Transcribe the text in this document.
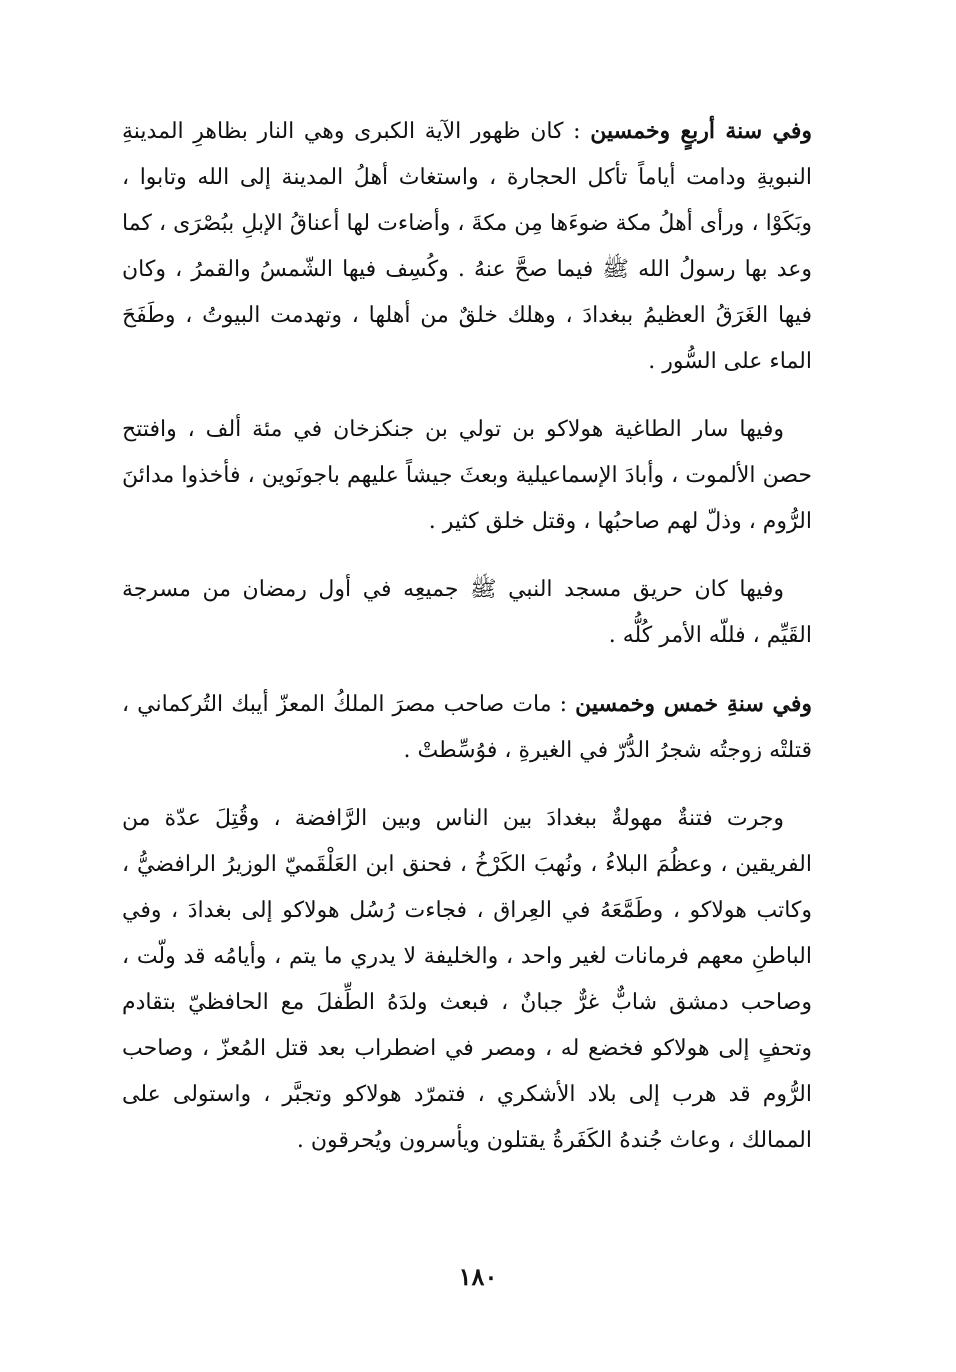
وفي سنة أربعٍ وخمسين : كان ظهور الآية الكبرى وهي النار بظاهرِ المدينةِ النبويةِ ودامت أياماً تأكل الحجارة ، واستغاث أهلُ المدينة إلى الله وتابوا ، وبَكَوْا ، ورأى أهلُ مكة ضوءَها مِن مكةَ ، وأضاءت لها أعناقُ الإبلِ ببُصْرَى ، كما وعد بها رسولُ الله ﷺ فيما صحَّ عنهُ . وكُسِف فيها الشّمسُ والقمرُ ، وكان فيها الغَرَقُ العظيمُ ببغدادَ ، وهلك خلقٌ من أهلها ، وتهدمت البيوتُ ، وطَفَحَ الماء على السُّور .

وفيها سار الطاغية هولاكو بن تولي بن جنكزخان في مئة ألف ، وافتتح حصن الألموت ، وأبادَ الإسماعيلية وبعثَ جيشاً عليهم باجونَوين ، فأخذوا مدائنَ الرُّوم ، وذلّ لهم صاحبُها ، وقتل خلق كثير .

وفيها كان حريق مسجد النبي ﷺ جميعِه في أول رمضان من مسرجة القَيِّم ، فللّه الأمر كُلُّه .

وفي سنةِ خمس وخمسين : مات صاحب مصرَ الملكُ المعزّ أيبك التُركماني ، قتلتْه زوجتُه شجرُ الدُّرّ في الغيرةِ ، فوُسِّطتْ .

وجرت فتنةٌ مهولةٌ ببغدادَ بين الناس وبين الرَّافضة ، وقُتِلَ عدّة من الفريقين ، وعظُمَ البلاءُ ، ونُهبَ الكَرْخُ ، فحنق ابن العَلْقَميّ الوزيرُ الرافضيُّ ، وكاتب هولاكو ، وطَمَّعَهُ في العِراق ، فجاءت رُسُل هولاكو إلى بغدادَ ، وفي الباطنِ معهم فرمانات لغير واحد ، والخليفة لا يدري ما يتم ، وأيامُه قد ولّت ، وصاحب دمشق شابٌّ غرٌّ جبانٌ ، فبعث ولدَهُ الطِّفلَ مع الحافظيّ بتقادم وتحفٍ إلى هولاكو فخضع له ، ومصر في اضطراب بعد قتل المُعزّ ، وصاحب الرُّوم قد هرب إلى بلاد الأشكري ، فتمرّد هولاكو وتجبَّر ، واستولى على الممالك ، وعاث جُندهُ الكَفَرةُ يقتلون ويأسرون ويُحرقون .

١٨٠
